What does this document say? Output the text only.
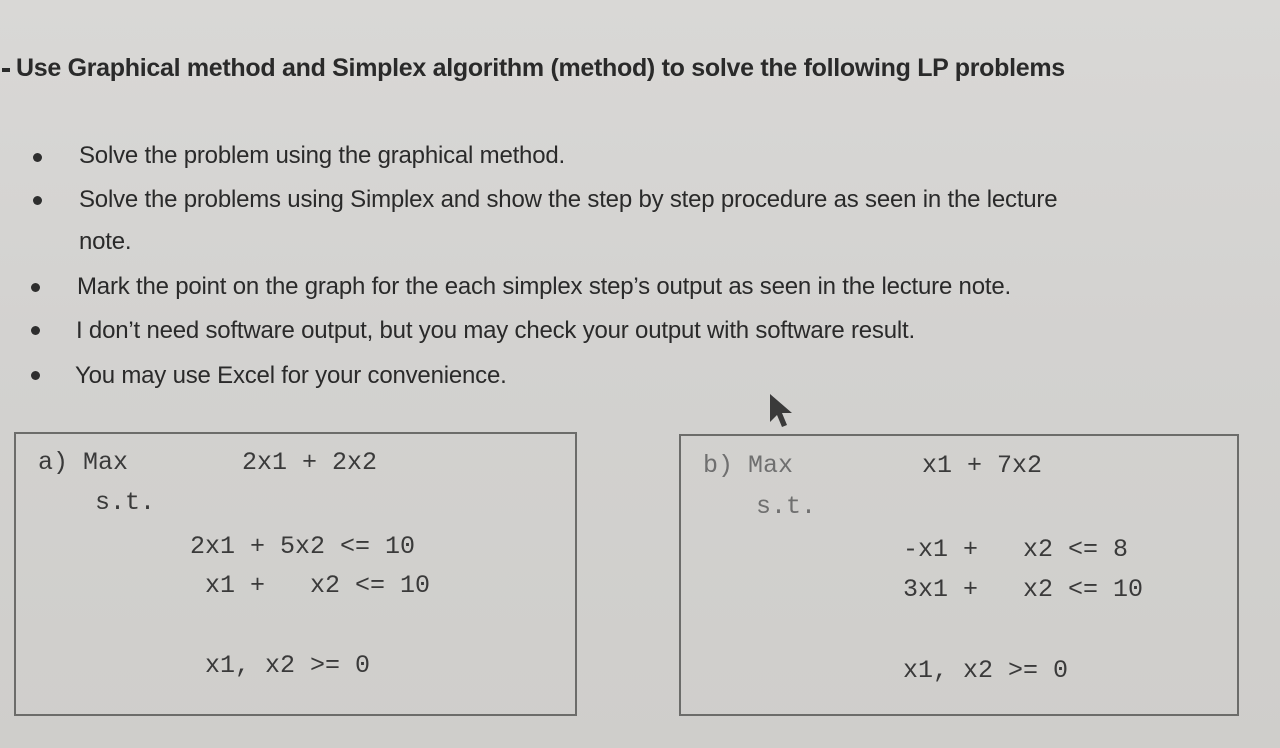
Use Graphical method and Simplex algorithm (method) to solve the following LP problems
Solve the problem using the graphical method.
Solve the problems using Simplex and show the step by step procedure as seen in the lecture
note.
Mark the point on the graph for the each simplex step’s output as seen in the lecture note.
I don’t need software output, but you may check your output with software result.
You may use Excel for your convenience.
a) Max	2x1 + 2x2
s.t.
2x1 + 5x2 <= 10
x1 +   x2 <= 10
x1, x2 >= 0
b) Max	x1 + 7x2
s.t.
-x1 +   x2 <= 8
3x1 +   x2 <= 10
x1, x2 >= 0
